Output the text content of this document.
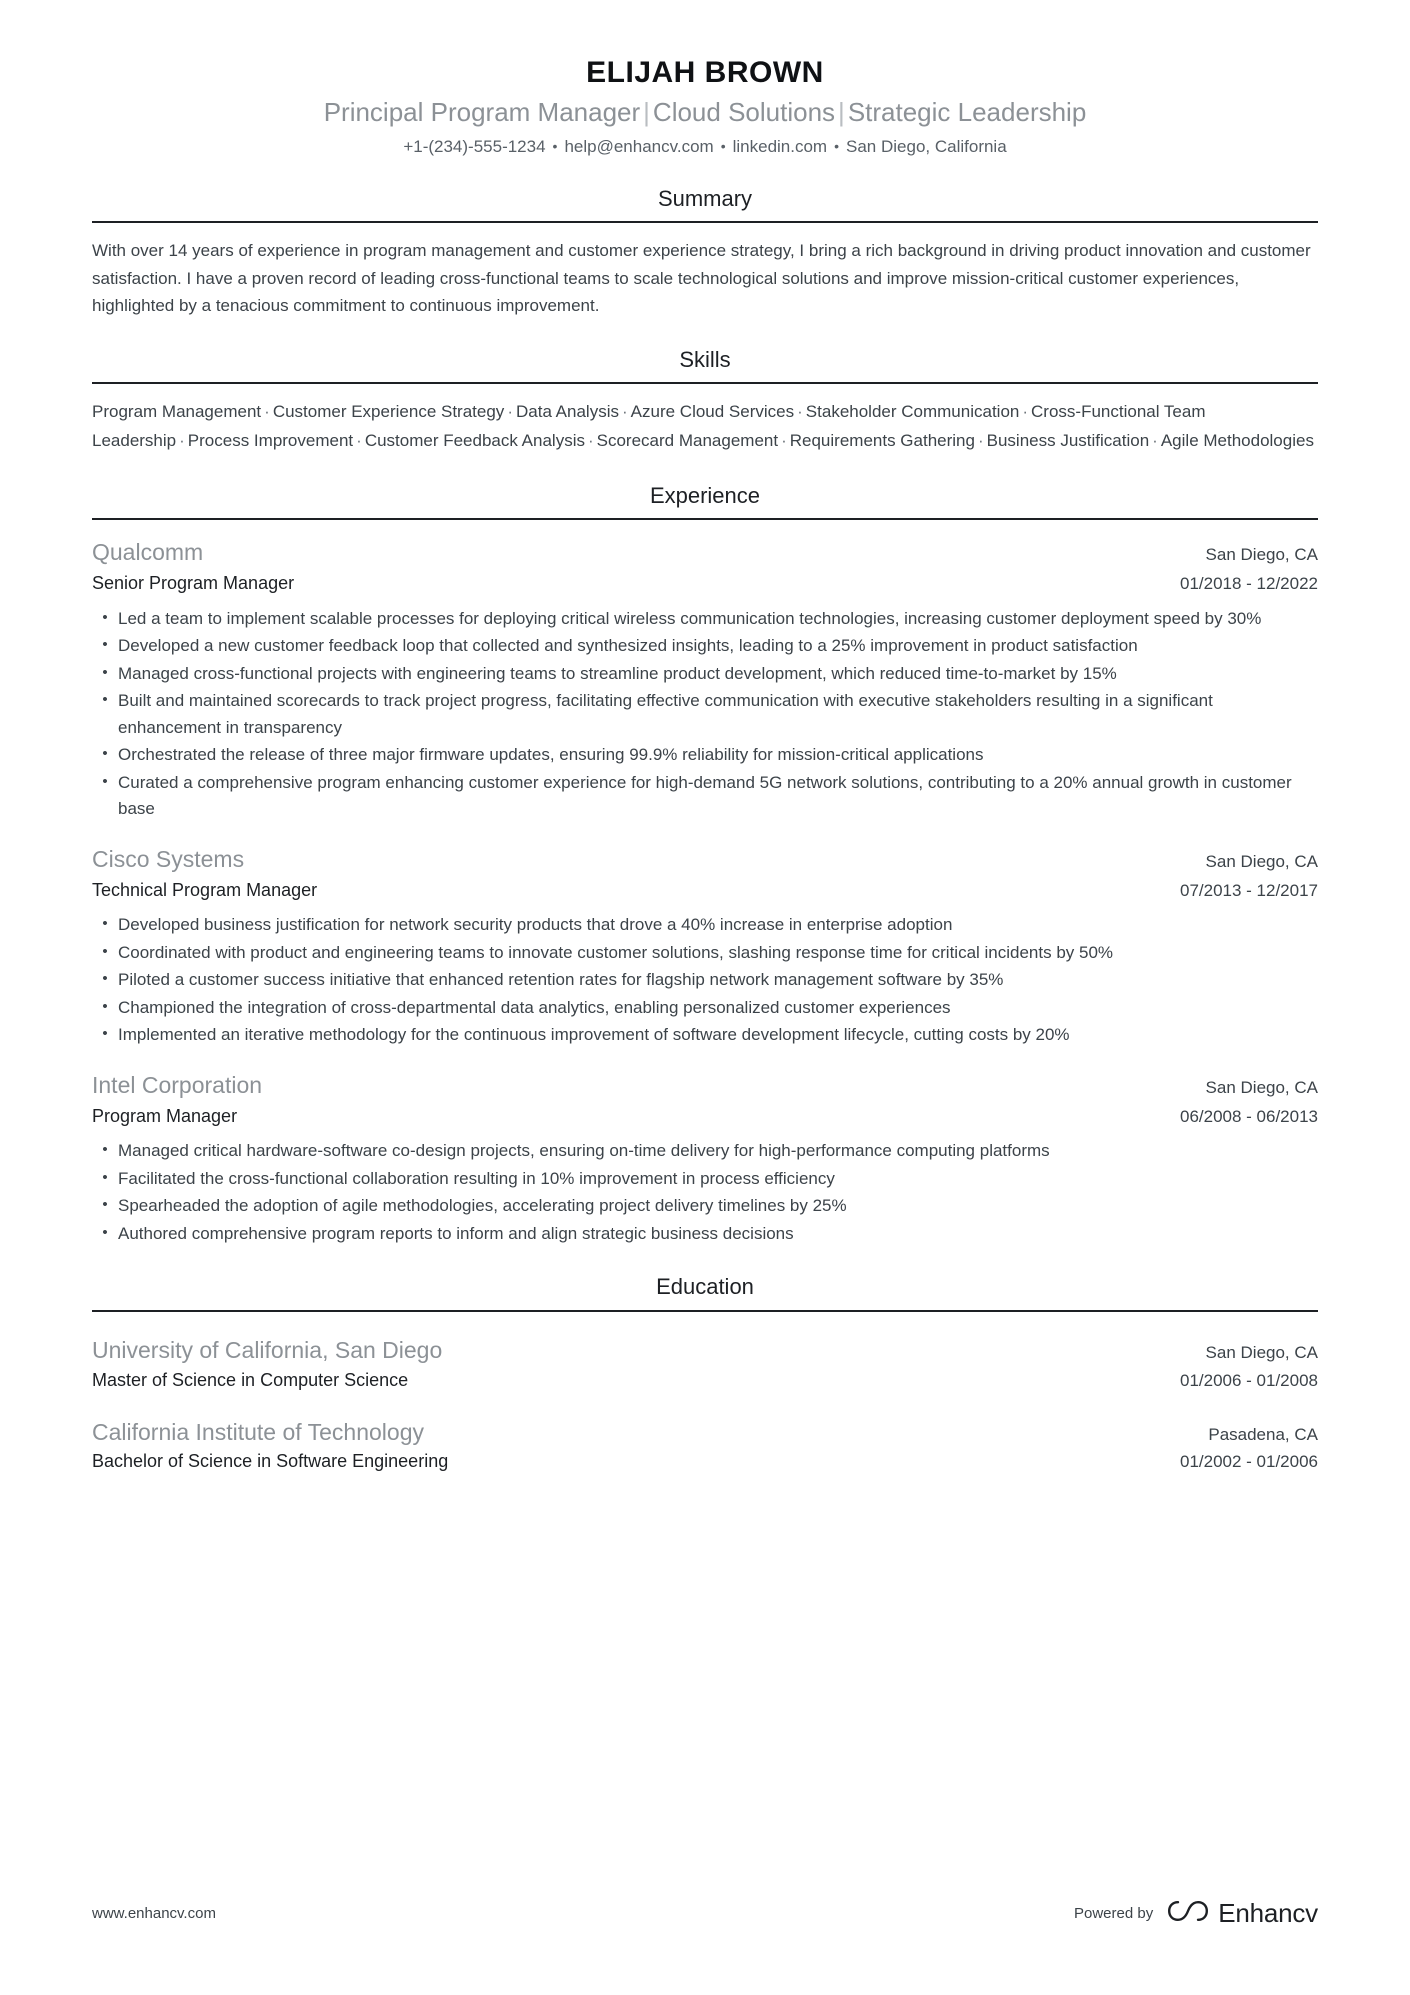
ELIJAH BROWN
Principal Program Manager | Cloud Solutions | Strategic Leadership
+1-(234)-555-1234 • help@enhancv.com • linkedin.com • San Diego, California
Summary
With over 14 years of experience in program management and customer experience strategy, I bring a rich background in driving product innovation and customer satisfaction. I have a proven record of leading cross-functional teams to scale technological solutions and improve mission-critical customer experiences, highlighted by a tenacious commitment to continuous improvement.
Skills
Program Management · Customer Experience Strategy · Data Analysis · Azure Cloud Services · Stakeholder Communication · Cross-Functional Team Leadership · Process Improvement · Customer Feedback Analysis · Scorecard Management · Requirements Gathering · Business Justification · Agile Methodologies
Experience
Qualcomm	San Diego, CA
Senior Program Manager	01/2018 - 12/2022
• Led a team to implement scalable processes for deploying critical wireless communication technologies, increasing customer deployment speed by 30%
• Developed a new customer feedback loop that collected and synthesized insights, leading to a 25% improvement in product satisfaction
• Managed cross-functional projects with engineering teams to streamline product development, which reduced time-to-market by 15%
• Built and maintained scorecards to track project progress, facilitating effective communication with executive stakeholders resulting in a significant enhancement in transparency
• Orchestrated the release of three major firmware updates, ensuring 99.9% reliability for mission-critical applications
• Curated a comprehensive program enhancing customer experience for high-demand 5G network solutions, contributing to a 20% annual growth in customer base
Cisco Systems	San Diego, CA
Technical Program Manager	07/2013 - 12/2017
• Developed business justification for network security products that drove a 40% increase in enterprise adoption
• Coordinated with product and engineering teams to innovate customer solutions, slashing response time for critical incidents by 50%
• Piloted a customer success initiative that enhanced retention rates for flagship network management software by 35%
• Championed the integration of cross-departmental data analytics, enabling personalized customer experiences
• Implemented an iterative methodology for the continuous improvement of software development lifecycle, cutting costs by 20%
Intel Corporation	San Diego, CA
Program Manager	06/2008 - 06/2013
• Managed critical hardware-software co-design projects, ensuring on-time delivery for high-performance computing platforms
• Facilitated the cross-functional collaboration resulting in 10% improvement in process efficiency
• Spearheaded the adoption of agile methodologies, accelerating project delivery timelines by 25%
• Authored comprehensive program reports to inform and align strategic business decisions
Education
University of California, San Diego	San Diego, CA
Master of Science in Computer Science	01/2006 - 01/2008
California Institute of Technology	Pasadena, CA
Bachelor of Science in Software Engineering	01/2002 - 01/2006
www.enhancv.com	Powered by	Enhancv
